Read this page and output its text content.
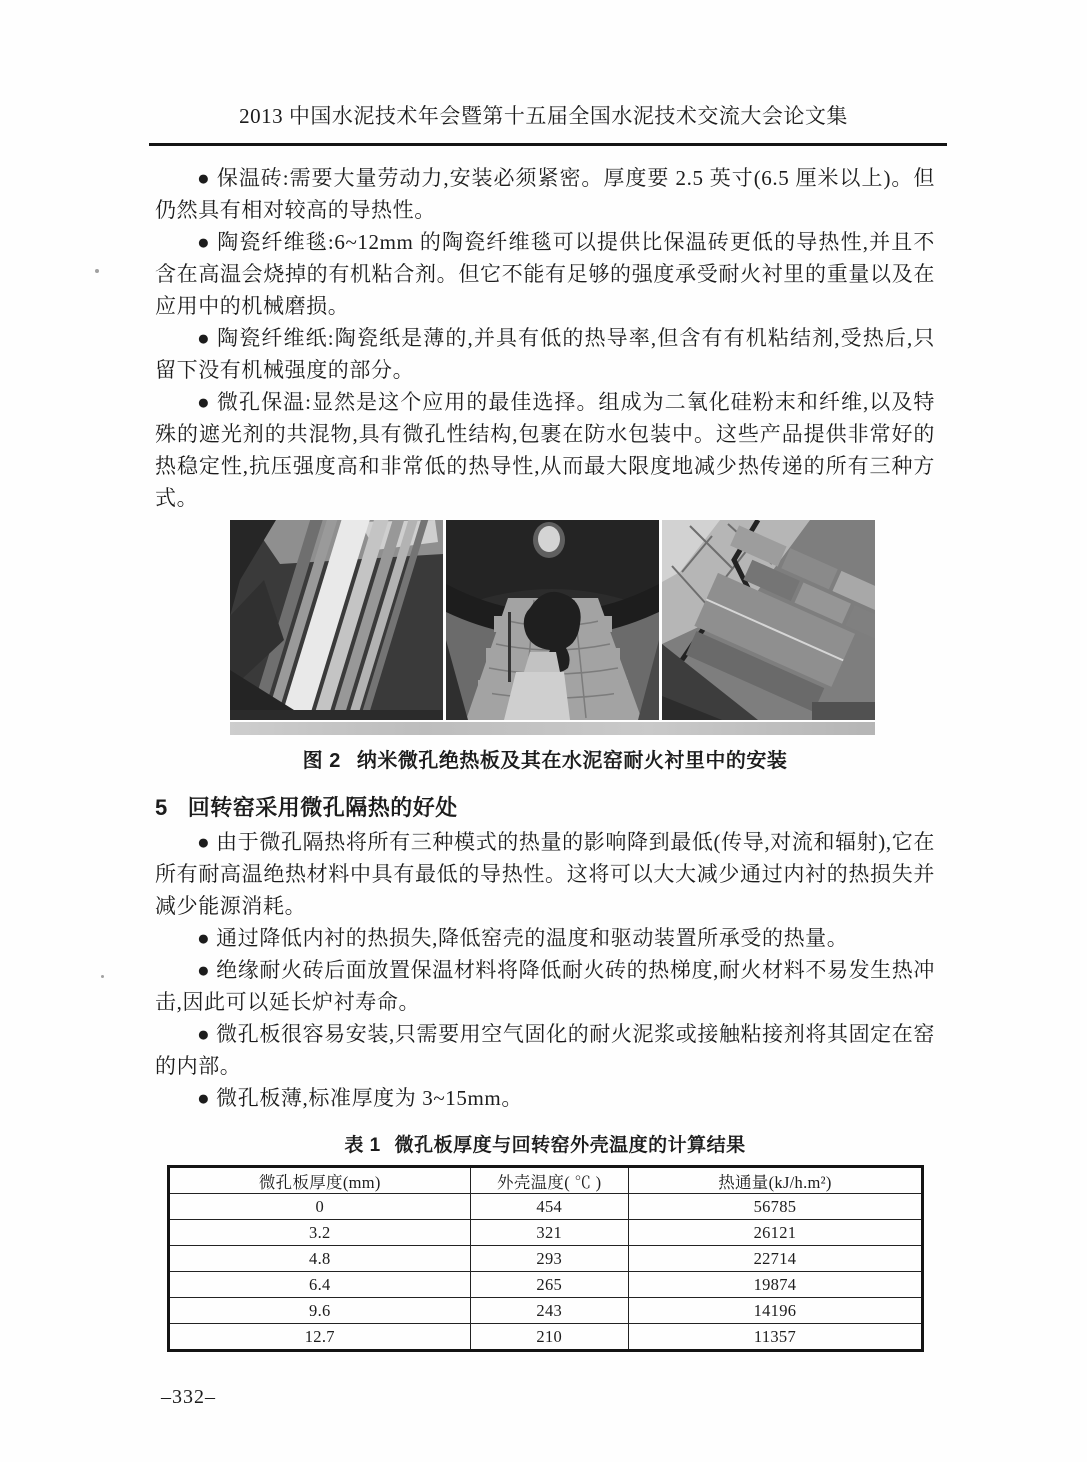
2013 中国水泥技术年会暨第十五届全国水泥技术交流大会论文集

● 保温砖:需要大量劳动力,安装必须紧密。厚度要 2.5 英寸(6.5 厘米以上)。但仍然具有相对较高的导热性。

● 陶瓷纤维毯:6~12mm 的陶瓷纤维毯可以提供比保温砖更低的导热性,并且不含在高温会烧掉的有机粘合剂。但它不能有足够的强度承受耐火衬里的重量以及在应用中的机械磨损。

● 陶瓷纤维纸:陶瓷纸是薄的,并具有低的热导率,但含有有机粘结剂,受热后,只留下没有机械强度的部分。

● 微孔保温:显然是这个应用的最佳选择。组成为二氧化硅粉末和纤维,以及特殊的遮光剂的共混物,具有微孔性结构,包裹在防水包装中。这些产品提供非常好的热稳定性,抗压强度高和非常低的热导性,从而最大限度地减少热传递的所有三种方式。

图 2 纳米微孔绝热板及其在水泥窑耐火衬里中的安装
5 回转窑采用微孔隔热的好处

● 由于微孔隔热将所有三种模式的热量的影响降到最低(传导,对流和辐射),它在所有耐高温绝热材料中具有最低的导热性。这将可以大大减少通过内衬的热损失并减少能源消耗。

● 通过降低内衬的热损失,降低窑壳的温度和驱动装置所承受的热量。

● 绝缘耐火砖后面放置保温材料将降低耐火砖的热梯度,耐火材料不易发生热冲击,因此可以延长炉衬寿命。

● 微孔板很容易安装,只需要用空气固化的耐火泥浆或接触粘接剂将其固定在窑的内部。

● 微孔板薄,标准厚度为 3~15mm。

表 1 微孔板厚度与回转窑外壳温度的计算结果
微孔板厚度(mm)	外壳温度( ℃ )	热通量(kJ/h.m²)
0	454	56785
3.2	321	26121
4.8	293	22714
6.4	265	19874
9.6	243	14196
12.7	210	11357
–332–
